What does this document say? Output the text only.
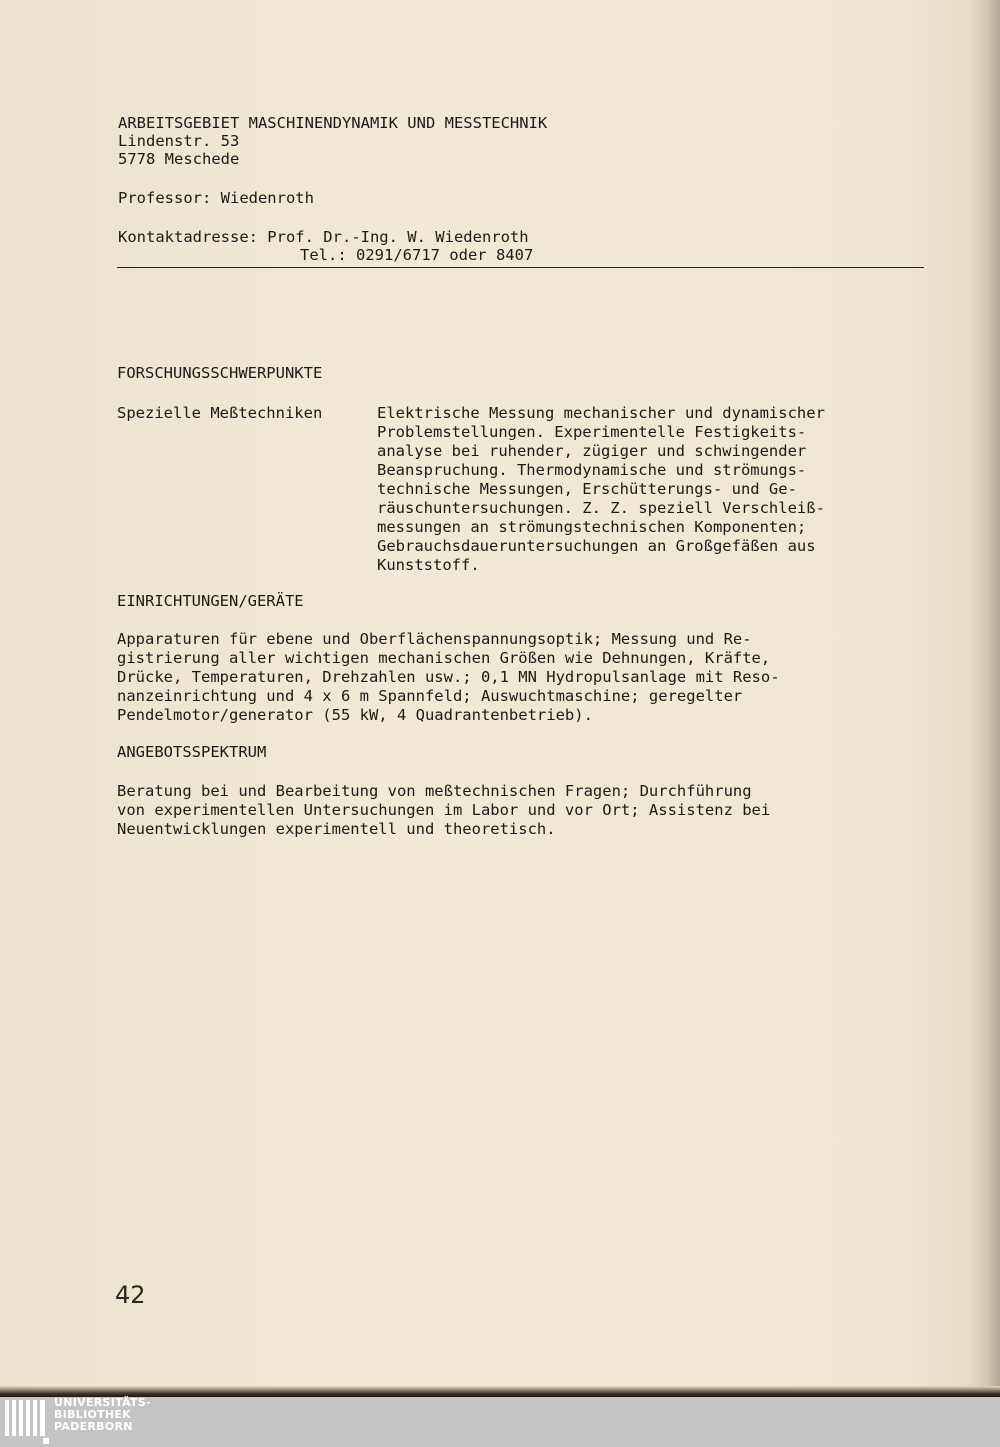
ARBEITSGEBIET MASCHINENDYNAMIK UND MESSTECHNIK
Lindenstr. 53
5778 Meschede
Professor: Wiedenroth
Kontaktadresse: Prof. Dr.-Ing. W. Wiedenroth
Tel.: 0291/6717 oder 8407
FORSCHUNGSSCHWERPUNKTE
Spezielle Meßtechniken	Elektrische Messung mechanischer und dynamischer
Problemstellungen. Experimentelle Festigkeits-
analyse bei ruhender, zügiger und schwingender
Beanspruchung. Thermodynamische und strömungs-
technische Messungen, Erschütterungs- und Ge-
räuschuntersuchungen. Z. Z. speziell Verschleiß-
messungen an strömungstechnischen Komponenten;
Gebrauchsdaueruntersuchungen an Großgefäßen aus
Kunststoff.
EINRICHTUNGEN/GERÄTE
Apparaturen für ebene und Oberflächenspannungsoptik; Messung und Re-
gistrierung aller wichtigen mechanischen Größen wie Dehnungen, Kräfte,
Drücke, Temperaturen, Drehzahlen usw.; 0,1 MN Hydropulsanlage mit Reso-
nanzeinrichtung und 4 x 6 m Spannfeld; Auswuchtmaschine; geregelter
Pendelmotor/generator (55 kW, 4 Quadrantenbetrieb).
ANGEBOTSSPEKTRUM
Beratung bei und Bearbeitung von meßtechnischen Fragen; Durchführung
von experimentellen Untersuchungen im Labor und vor Ort; Assistenz bei
Neuentwicklungen experimentell und theoretisch.
42
UNIVERSITÄTS-
BIBLIOTHEK
PADERBORN
